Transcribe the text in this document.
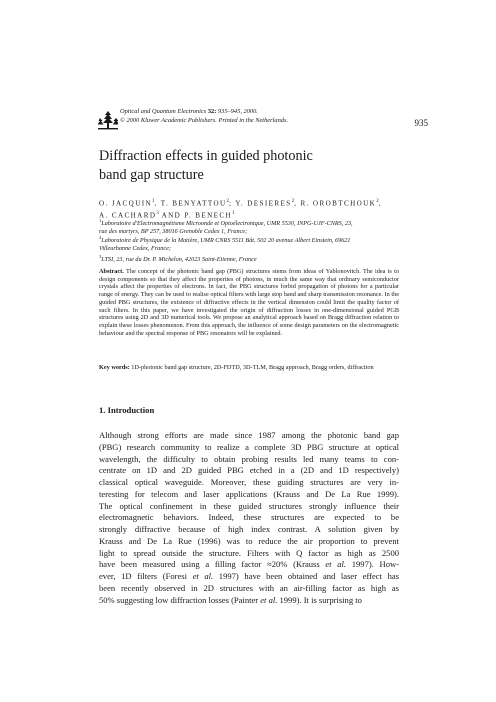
Optical and Quantum Electronics 32: 935–945, 2000.
© 2000 Kluwer Academic Publishers. Printed in the Netherlands.	935
Diffraction effects in guided photonic
band gap structure
O. JACQUIN$^1$, T. BENYATTOU$^2$; Y. DESIERES$^2$, R. OROBTCHOUK$^2$,
A. CACHARD$^3$ AND P. BENECH$^1$
$^1$Laboratoire d'Electromagnétisme Microonde et Optoélectronique, UMR 5530, INPG-UJF-CNRS, 23,
rue des martyrs, BP 257, 38016 Grenoble Cedex 1, France;
$^2$Laboratoire de Physique de la Matière, UMR CNRS 5511 Bât. 502 20 avenue Albert Einstein, 69621
Villeurbanne Cedex, France;
$^3$LTSI, 23, rue du Dr. P. Michelon, 42023 Saint-Etienne, France
Abstract. The concept of the photonic band gap (PBG) structures stems from ideas of Yablonovitch. The idea is to design components so that they affect the properties of photons, in much the same way that ordinary semiconductor crystals affect the properties of electrons. In fact, the PBG structures forbid propagation of photons for a particular range of energy. They can be used to realise optical filters with large stop band and sharp transmission resonance. In the guided PBG structures, the existence of diffractive effects in the vertical dimension could limit the quality factor of such filters. In this paper, we have investigated the origin of diffraction losses in one-dimensional guided PGB structures using 2D and 3D numerical tools. We propose an analytical approach based on Bragg diffraction relation to explain these losses phenomenon. From this approach, the influence of some design parameters on the electromagnetic behaviour and the spectral response of PBG resonators will be explained.
Key words: 1D-photonic band gap structure, 2D-FDTD, 3D-TLM, Bragg approach, Bragg orders, diffraction
1. Introduction
Although strong efforts are made since 1987 among the photonic band gap
(PBG) research community to realize a complete 3D PBG structure at optical
wavelength, the difficulty to obtain probing results led many teams to con-
centrate on 1D and 2D guided PBG etched in a (2D and 1D respectively)
classical optical waveguide. Moreover, these guiding structures are very in-
teresting for telecom and laser applications (Krauss and De La Rue 1999).
The optical confinement in these guided structures strongly influence their
electromagnetic behaviors. Indeed, these structures are expected to be
strongly diffractive because of high index contrast. A solution given by
Krauss and De La Rue (1996) was to reduce the air proportion to prevent
light to spread outside the structure. Filters with Q factor as high as 2500
have been measured using a filling factor ≈20% (Krauss et al. 1997). How-
ever, 1D filters (Foresi et al. 1997) have been obtained and laser effect has
been recently observed in 2D structures with an air-filling factor as high as
50% suggesting low diffraction losses (Painter et al. 1999). It is surprising to
